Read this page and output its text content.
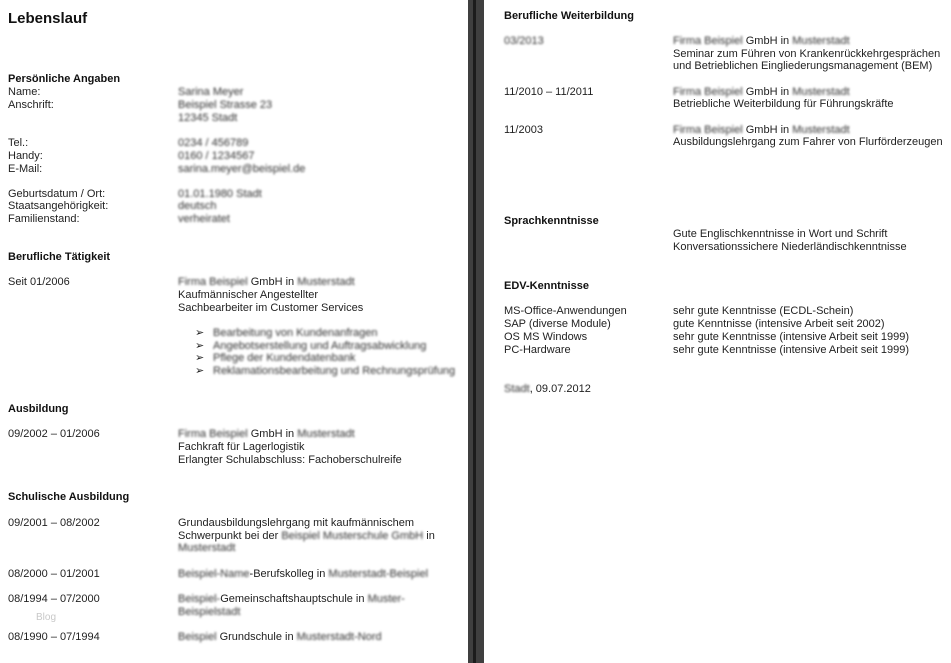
Lebenslauf
Persönliche Angaben
Name:	Sarina Meyer
Anschrift:	Beispiel Strasse 23
12345 Stadt
Tel.:	0234 / 456789
Handy:	0160 / 1234567
E-Mail:	sarina.meyer@beispiel.de
Geburtsdatum / Ort:	01.01.1980 Stadt
Staatsangehörigkeit:	deutsch
Familienstand:	verheiratet
Berufliche Tätigkeit
Seit 01/2006	Firma Beispiel GmbH in Musterstadt
Kaufmännischer Angestellter
Sachbearbeiter im Customer Services
➢ Bearbeitung von Kundenanfragen
➢ Angebotserstellung und Auftragsabwicklung
➢ Pflege der Kundendatenbank
➢ Reklamationsbearbeitung und Rechnungsprüfung
Ausbildung
09/2002 – 01/2006	Firma Beispiel GmbH in Musterstadt
Fachkraft für Lagerlogistik
Erlangter Schulabschluss: Fachoberschulreife
Schulische Ausbildung
09/2001 – 08/2002	Grundausbildungslehrgang mit kaufmännischem
Schwerpunkt bei der Beispiel Musterschule GmbH in
Musterstadt
08/2000 – 01/2001	Beispiel-Name-Berufskolleg in Musterstadt-Beispiel
08/1994 – 07/2000	Beispiel-Gemeinschaftshauptschule in Muster-
Beispielstadt
Blog
08/1990 – 07/1994	Beispiel Grundschule in Musterstadt-Nord
Berufliche Weiterbildung
03/2013	Firma Beispiel GmbH in Musterstadt
Seminar zum Führen von Krankenrückkehrgesprächen
und Betrieblichen Eingliederungsmanagement (BEM)
11/2010 – 11/2011	Firma Beispiel GmbH in Musterstadt
Betriebliche Weiterbildung für Führungskräfte
11/2003	Firma Beispiel GmbH in Musterstadt
Ausbildungslehrgang zum Fahrer von Flurförderzeugen
Sprachkenntnisse
Gute Englischkenntnisse in Wort und Schrift
Konversationssichere Niederländischkenntnisse
EDV-Kenntnisse
MS-Office-Anwendungen	sehr gute Kenntnisse (ECDL-Schein)
SAP (diverse Module)	gute Kenntnisse (intensive Arbeit seit 2002)
OS MS Windows	sehr gute Kenntnisse (intensive Arbeit seit 1999)
PC-Hardware	sehr gute Kenntnisse (intensive Arbeit seit 1999)
Stadt, 09.07.2012
